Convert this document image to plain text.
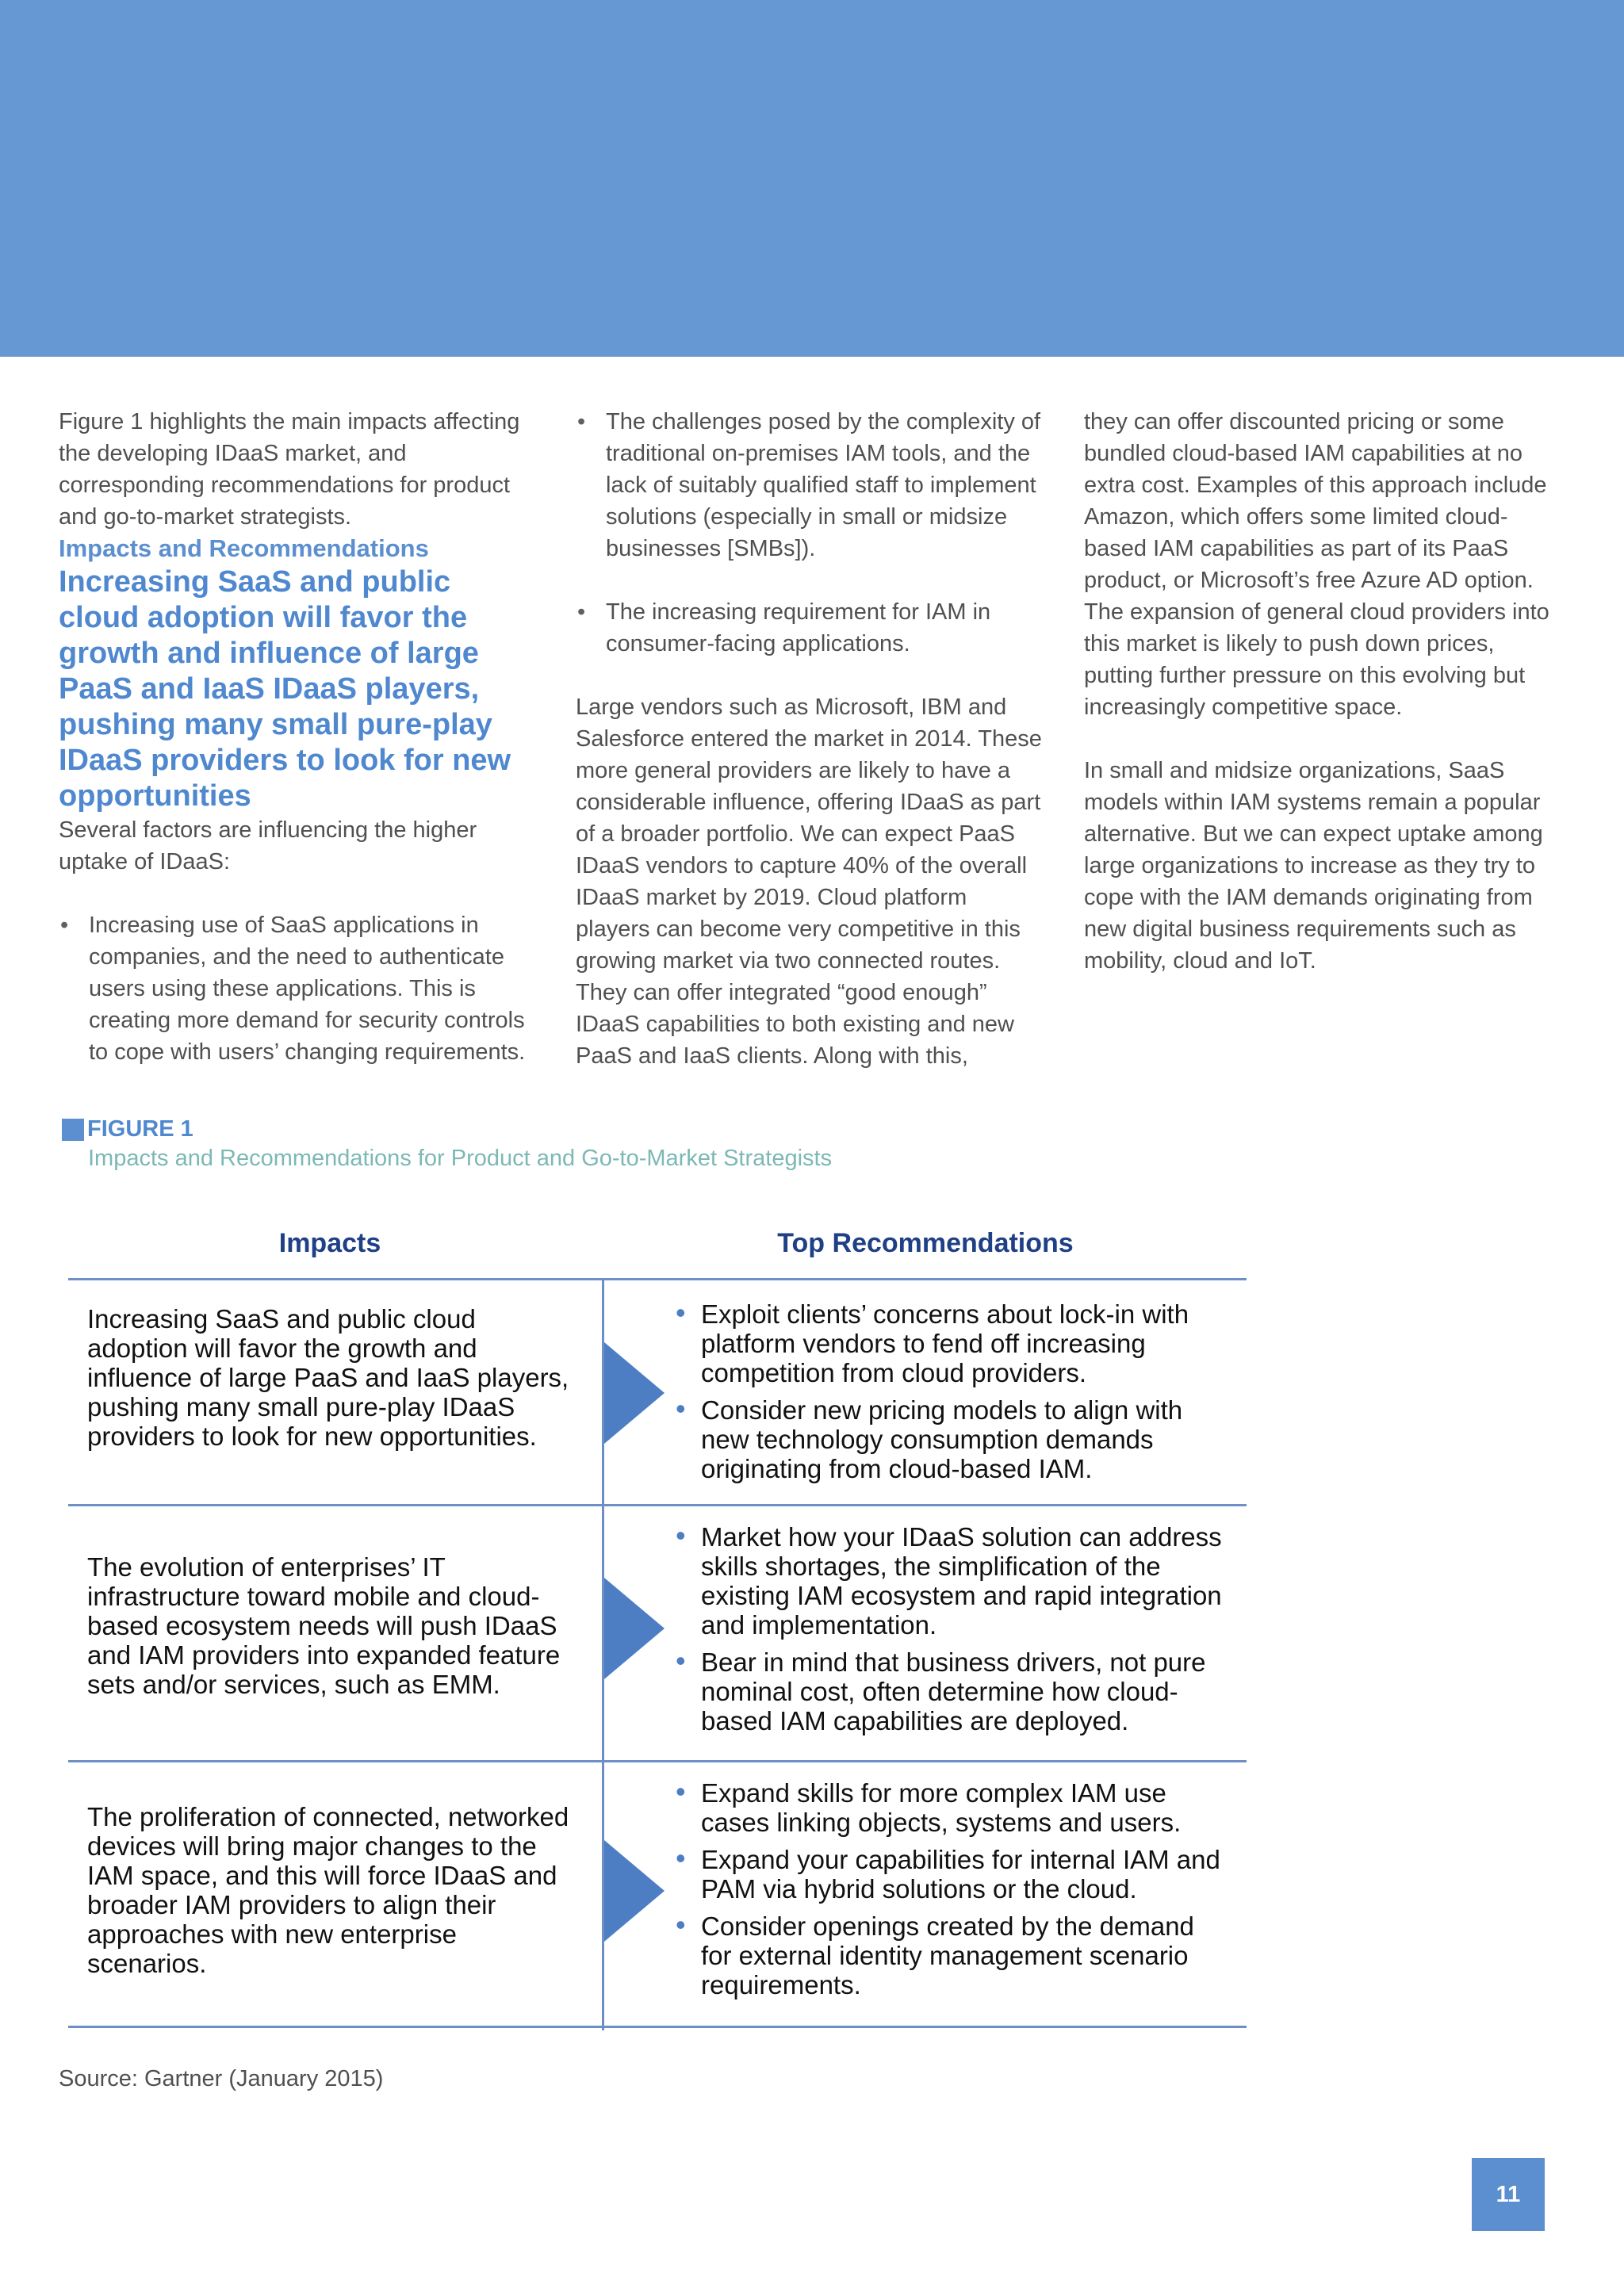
Figure 1 highlights the main impacts affecting the developing IDaaS market, and corresponding recommendations for product and go-to-market strategists.

Impacts and Recommendations

Increasing SaaS and public cloud adoption will favor the growth and influence of large PaaS and IaaS IDaaS players, pushing many small pure-play IDaaS providers to look for new opportunities

Several factors are influencing the higher uptake of IDaaS:

• Increasing use of SaaS applications in companies, and the need to authenticate users using these applications. This is creating more demand for security controls to cope with users’ changing requirements.
• The challenges posed by the complexity of traditional on-premises IAM tools, and the lack of suitably qualified staff to implement solutions (especially in small or midsize businesses [SMBs]).
• The increasing requirement for IAM in consumer-facing applications.

Large vendors such as Microsoft, IBM and Salesforce entered the market in 2014. These more general providers are likely to have a considerable influence, offering IDaaS as part of a broader portfolio. We can expect PaaS IDaaS vendors to capture 40% of the overall IDaaS market by 2019. Cloud platform players can become very competitive in this growing market via two connected routes. They can offer integrated “good enough” IDaaS capabilities to both existing and new PaaS and IaaS clients. Along with this,

they can offer discounted pricing or some bundled cloud-based IAM capabilities at no extra cost. Examples of this approach include Amazon, which offers some limited cloud-based IAM capabilities as part of its PaaS product, or Microsoft’s free Azure AD option. The expansion of general cloud providers into this market is likely to push down prices, putting further pressure on this evolving but increasingly competitive space.

In small and midsize organizations, SaaS models within IAM systems remain a popular alternative. But we can expect uptake among large organizations to increase as they try to cope with the IAM demands originating from new digital business requirements such as mobility, cloud and IoT.

FIGURE 1
Impacts and Recommendations for Product and Go-to-Market Strategists
Impacts	Top Recommendations
Increasing SaaS and public cloud adoption will favor the growth and influence of large PaaS and IaaS players, pushing many small pure-play IDaaS providers to look for new opportunities.
• Exploit clients’ concerns about lock-in with platform vendors to fend off increasing competition from cloud providers.
• Consider new pricing models to align with new technology consumption demands originating from cloud-based IAM.
The evolution of enterprises’ IT infrastructure toward mobile and cloud-based ecosystem needs will push IDaaS and IAM providers into expanded feature sets and/or services, such as EMM.
• Market how your IDaaS solution can address skills shortages, the simplification of the existing IAM ecosystem and rapid integration and implementation.
• Bear in mind that business drivers, not pure nominal cost, often determine how cloud-based IAM capabilities are deployed.
The proliferation of connected, networked devices will bring major changes to the IAM space, and this will force IDaaS and broader IAM providers to align their approaches with new enterprise scenarios.
• Expand skills for more complex IAM use cases linking objects, systems and users.
• Expand your capabilities for internal IAM and PAM via hybrid solutions or the cloud.
• Consider openings created by the demand for external identity management scenario requirements.
Source: Gartner (January 2015)
11
